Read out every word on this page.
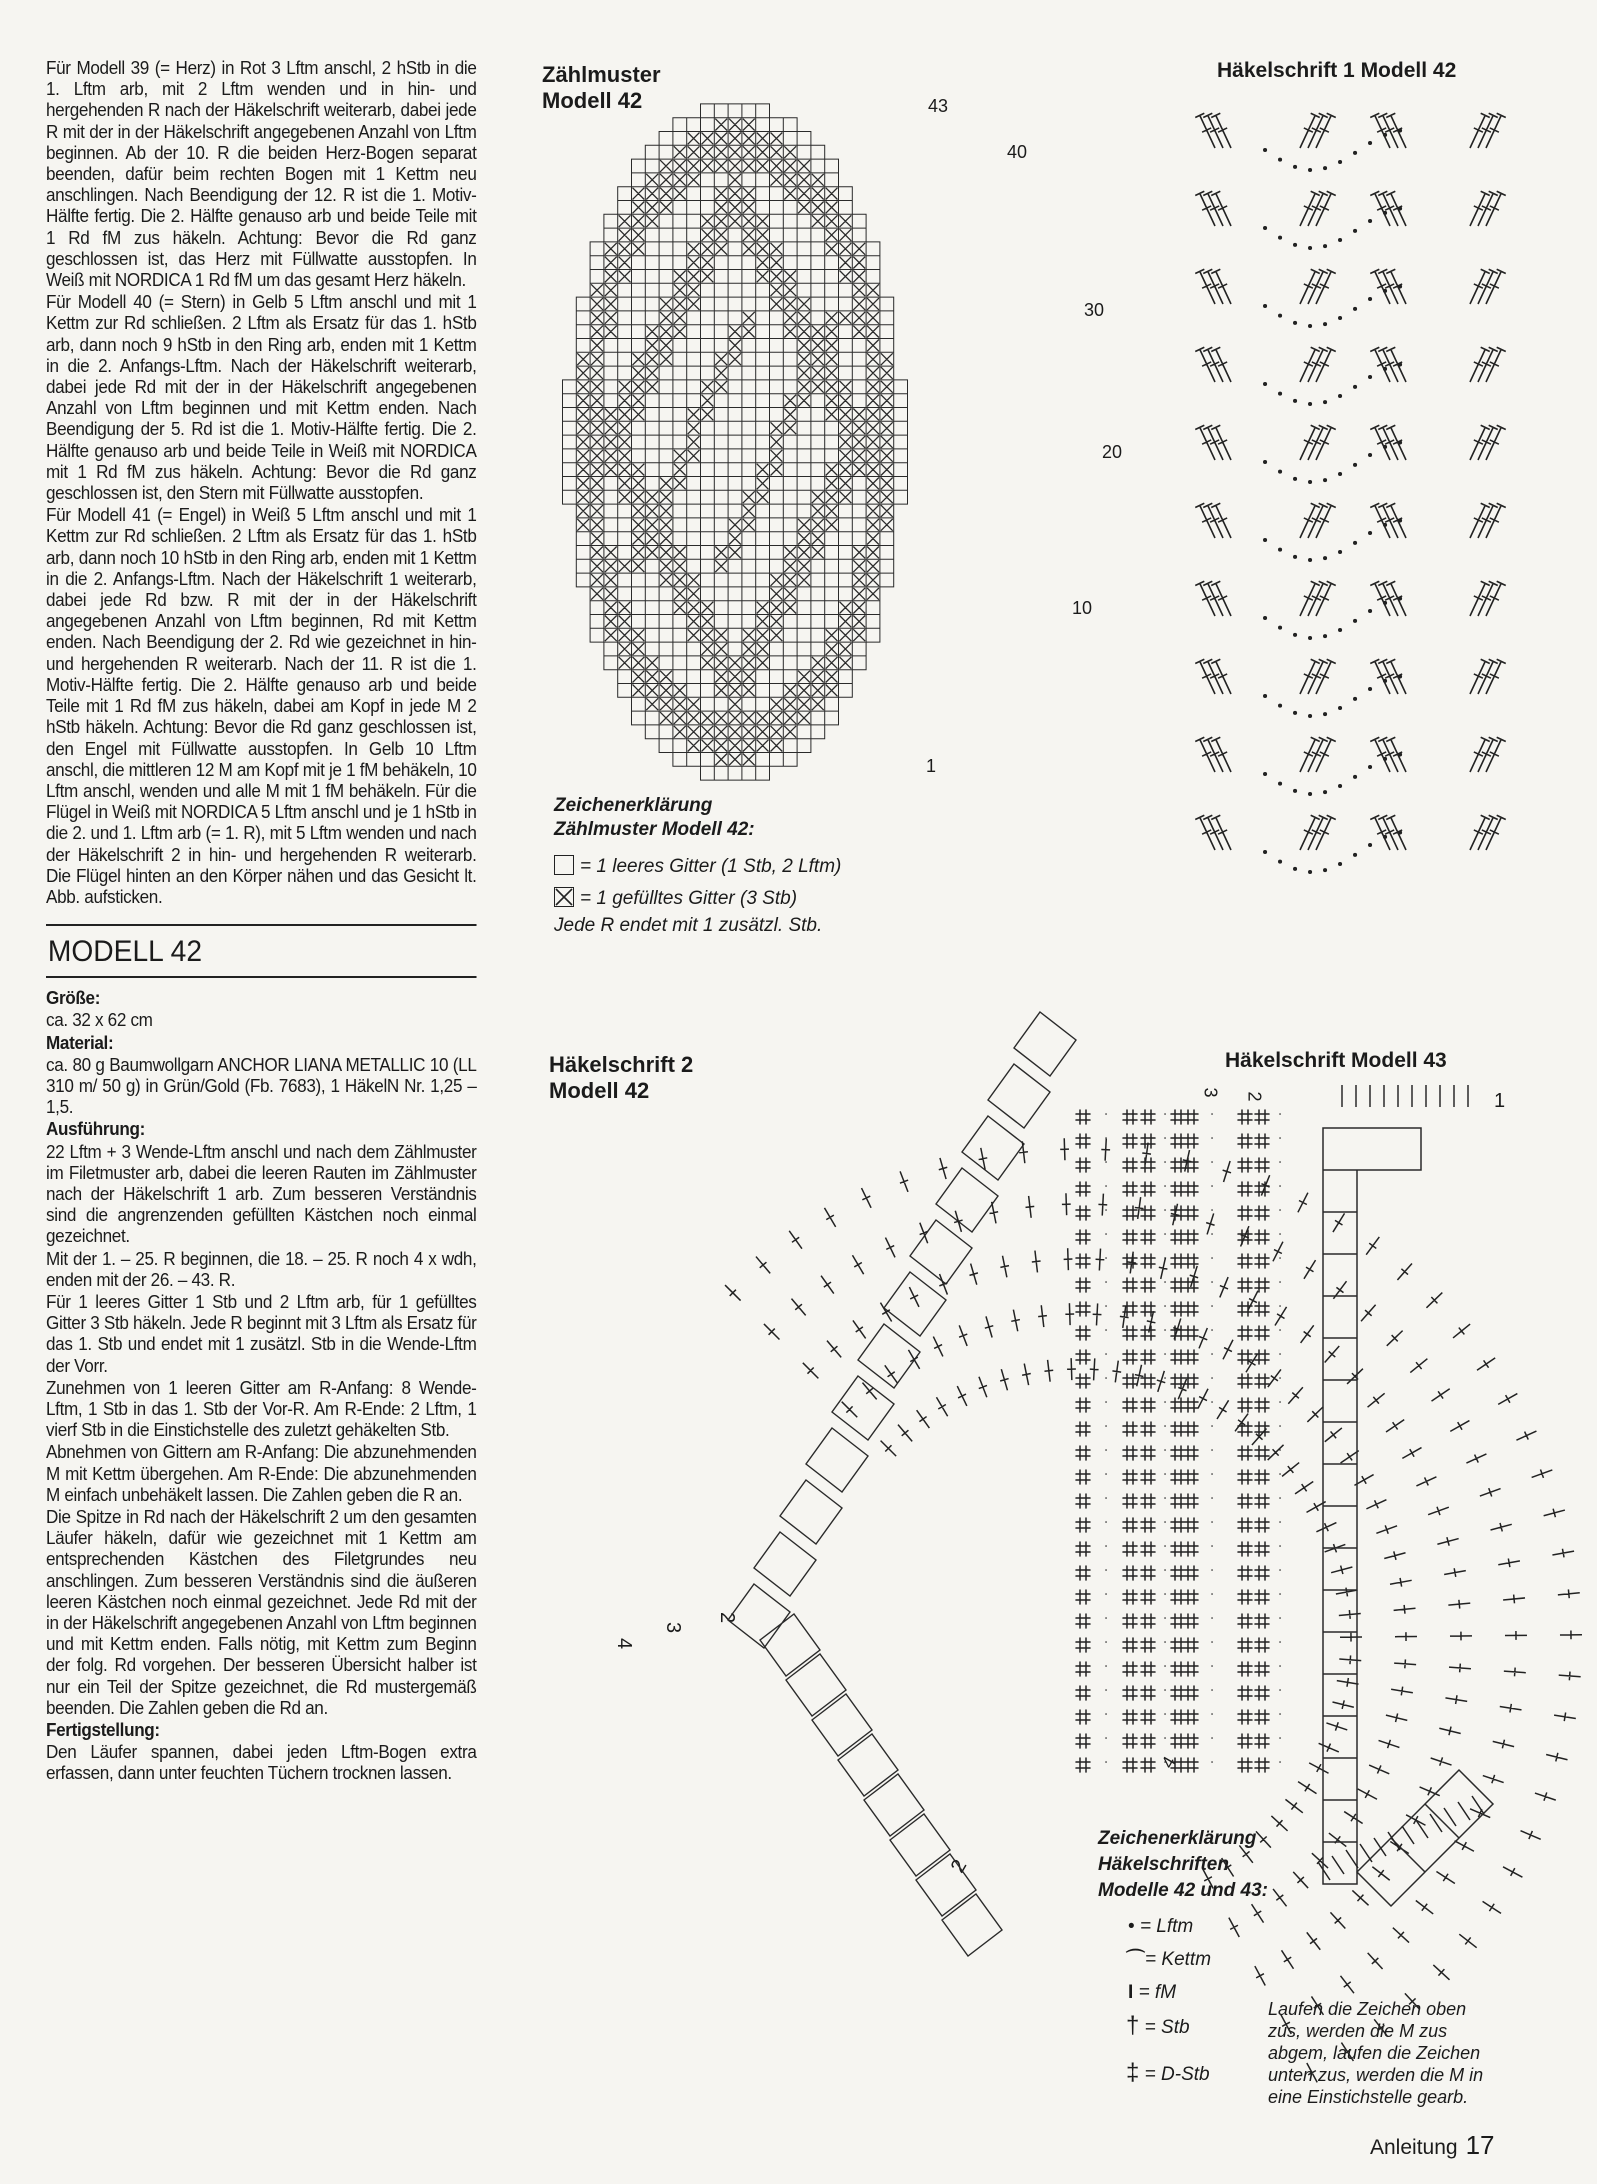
Für Modell 39 (= Herz) in Rot 3 Lftm anschl, 2 hStb in die 1. Lftm arb, mit 2 Lftm wenden und in hin- und hergehenden R nach der Häkelschrift weiterarb, dabei jede R mit der in der Häkelschrift angegebenen Anzahl von Lftm beginnen. Ab der 10. R die beiden Herz-Bogen separat beenden, dafür beim rechten Bogen mit 1 Kettm neu anschlingen. Nach Beendigung der 12. R ist die 1. Motiv-Hälfte fertig. Die 2. Hälfte genauso arb und beide Teile mit 1 Rd fM zus häkeln. Achtung: Bevor die Rd ganz geschlossen ist, das Herz mit Füllwatte ausstopfen. In Weiß mit NORDICA 1 Rd fM um das gesamt Herz häkeln.

Für Modell 40 (= Stern) in Gelb 5 Lftm anschl und mit 1 Kettm zur Rd schließen. 2 Lftm als Ersatz für das 1. hStb arb, dann noch 9 hStb in den Ring arb, enden mit 1 Kettm in die 2. Anfangs-Lftm. Nach der Häkelschrift weiterarb, dabei jede Rd mit der in der Häkelschrift angegebenen Anzahl von Lftm beginnen und mit Kettm enden. Nach Beendigung der 5. Rd ist die 1. Motiv-Hälfte fertig. Die 2. Hälfte genauso arb und beide Teile in Weiß mit NORDICA mit 1 Rd fM zus häkeln. Achtung: Bevor die Rd ganz geschlossen ist, den Stern mit Füllwatte ausstopfen.

Für Modell 41 (= Engel) in Weiß 5 Lftm anschl und mit 1 Kettm zur Rd schließen. 2 Lftm als Ersatz für das 1. hStb arb, dann noch 10 hStb in den Ring arb, enden mit 1 Kettm in die 2. Anfangs-Lftm. Nach der Häkelschrift 1 weiterarb, dabei jede Rd bzw. R mit der in der Häkelschrift angegebenen Anzahl von Lftm beginnen, Rd mit Kettm enden. Nach Beendigung der 2. Rd wie gezeichnet in hin- und hergehenden R weiterarb. Nach der 11. R ist die 1. Motiv-Hälfte fertig. Die 2. Hälfte genauso arb und beide Teile mit 1 Rd fM zus häkeln, dabei am Kopf in jede M 2 hStb häkeln. Achtung: Bevor die Rd ganz geschlossen ist, den Engel mit Füllwatte ausstopfen. In Gelb 10 Lftm anschl, die mittleren 12 M am Kopf mit je 1 fM behäkeln, 10 Lftm anschl, wenden und alle M mit 1 fM behäkeln. Für die Flügel in Weiß mit NORDICA 5 Lftm anschl und je 1 hStb in die 2. und 1. Lftm arb (= 1. R), mit 5 Lftm wenden und nach der Häkelschrift 2 in hin- und hergehenden R weiterarb. Die Flügel hinten an den Körper nähen und das Gesicht lt. Abb. aufsticken.

MODELL 42

Größe:

ca. 32 x 62 cm

Material:

ca. 80 g Baumwollgarn ANCHOR LIANA METALLIC 10 (LL 310 m/ 50 g) in Grün/Gold (Fb. 7683), 1 HäkelN Nr. 1,25 – 1,5.

Ausführung:

22 Lftm + 3 Wende-Lftm anschl und nach dem Zählmuster im Filetmuster arb, dabei die leeren Rauten im Zählmuster nach der Häkelschrift 1 arb. Zum besseren Verständnis sind die angrenzenden gefüllten Kästchen noch einmal gezeichnet.

Mit der 1. – 25. R beginnen, die 18. – 25. R noch 4 x wdh, enden mit der 26. – 43. R.

Für 1 leeres Gitter 1 Stb und 2 Lftm arb, für 1 gefülltes Gitter 3 Stb häkeln. Jede R beginnt mit 3 Lftm als Ersatz für das 1. Stb und endet mit 1 zusätzl. Stb in die Wende-Lftm der Vorr.

Zunehmen von 1 leeren Gitter am R-Anfang: 8 Wende-Lftm, 1 Stb in das 1. Stb der Vor-R. Am R-Ende: 2 Lftm, 1 vierf Stb in die Einstichstelle des zuletzt gehäkelten Stb.

Abnehmen von Gittern am R-Anfang: Die abzunehmenden M mit Kettm übergehen. Am R-Ende: Die abzunehmenden M einfach unbehäkelt lassen. Die Zahlen geben die R an.

Die Spitze in Rd nach der Häkelschrift 2 um den gesamten Läufer häkeln, dafür wie gezeichnet mit 1 Kettm am entsprechenden Kästchen des Filetgrundes neu anschlingen. Zum besseren Verständnis sind die äußeren leeren Kästchen noch einmal gezeichnet. Jede Rd mit der in der Häkelschrift angegebenen Anzahl von Lftm beginnen und mit Kettm enden. Falls nötig, mit Kettm zum Beginn der folg. Rd vorgehen. Der besseren Übersicht halber ist nur ein Teil der Spitze gezeichnet, die Rd mustergemäß beenden. Die Zahlen geben die Rd an.

Fertigstellung:

Den Läufer spannen, dabei jeden Lftm-Bogen extra erfassen, dann unter feuchten Tüchern trocknen lassen.

Zählmuster
Modell 42
Häkelschrift 1 Modell 42
Häkelschrift 2
Modell 42
Häkelschrift Modell 43
43
40
30
20
10
1
1
2
3
4
2
3
4
2
Zeichenerklärung
Zählmuster Modell 42:
= 1 leeres Gitter (1 Stb, 2 Lftm)
= 1 gefülltes Gitter (3 Stb)
Jede R endet mit 1 zusätzl. Stb.
Zeichenerklärung
Häkelschriften
Modelle 42 und 43:
• = Lftm
⌒= Kettm
I = fM
† = Stb
‡ = D-Stb
Laufen die Zeichen oben zus, werden die M zus abgem, laufen die Zeichen unten zus, werden die M in eine Einstichstelle gearb.
Anleitung 17
